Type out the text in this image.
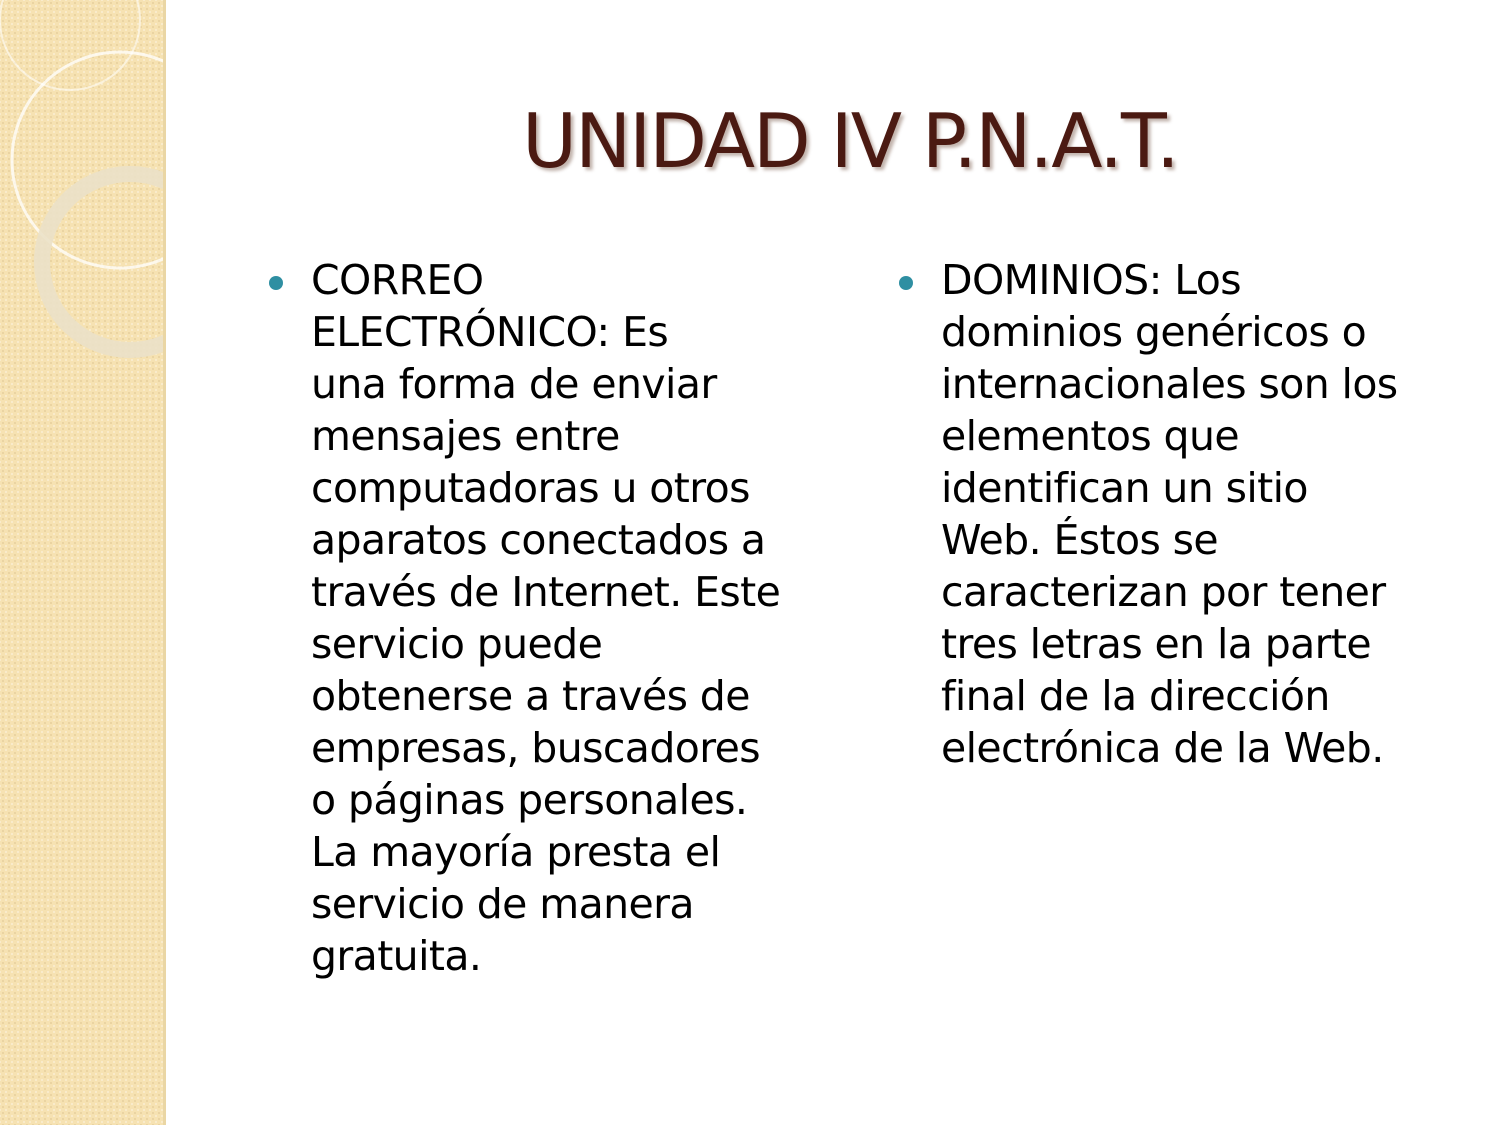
UNIDAD IV P.N.A.T.

CORREO
ELECTRÓNICO: Es
una forma de enviar
mensajes entre
computadoras u otros
aparatos conectados a
través de Internet. Este
servicio puede
obtenerse a través de
empresas, buscadores
o páginas personales.
La mayoría presta el
servicio de manera
gratuita.

DOMINIOS: Los
dominios genéricos o
internacionales son los
elementos que
identifican un sitio
Web. Éstos se
caracterizan por tener
tres letras en la parte
final de la dirección
electrónica de la Web.
